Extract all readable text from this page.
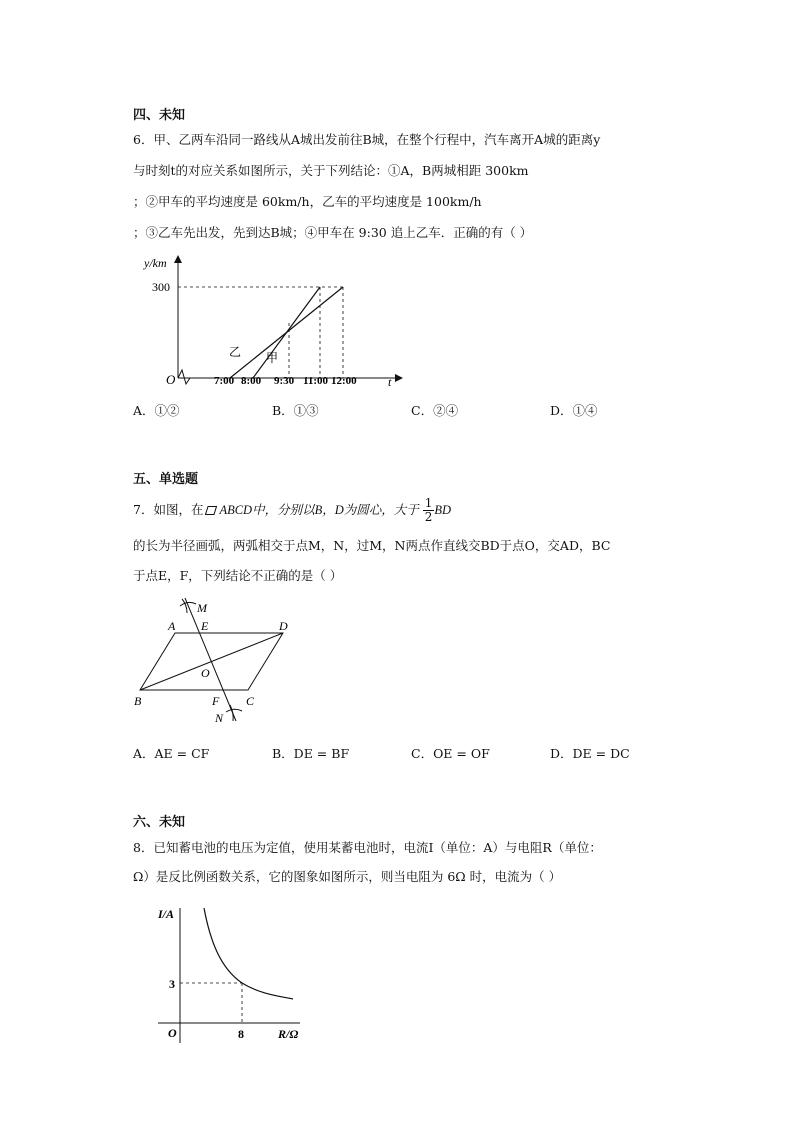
四、未知
6．甲、乙两车沿同一路线从A城出发前往B城，在整个行程中，汽车离开A城的距离y
与时刻t的对应关系如图所示，关于下列结论：①A，B两城相距 300km
；②甲车的平均速度是 60km/h，乙车的平均速度是 100km/h
；③乙车先出发，先到达B城；④甲车在 9:30 追上乙车．正确的有（ ）
y/km
300
O	t
7:00 8:00 9:30 11:00 12:00
乙 甲
A．①②	B．①③	C．②④	D．①④
五、单选题
7．如图，在 ABCD中，分别以B，D为圆心，大于 $\frac{1}{2}$ BD
的长为半径画弧，两弧相交于点M，N，过M，N两点作直线交BD于点O，交AD，BC
于点E，F，下列结论不正确的是（ ）
A E	D
M
O
B	F C
N
A．AE = CF	B．DE = BF	C．OE = OF	D．DE = DC
六、未知
8．已知蓄电池的电压为定值，使用某蓄电池时，电流I（单位：A）与电阻R（单位：
Ω）是反比例函数关系，它的图象如图所示，则当电阻为 6Ω 时，电流为（ ）
I/A
3
O	8	R/Ω
